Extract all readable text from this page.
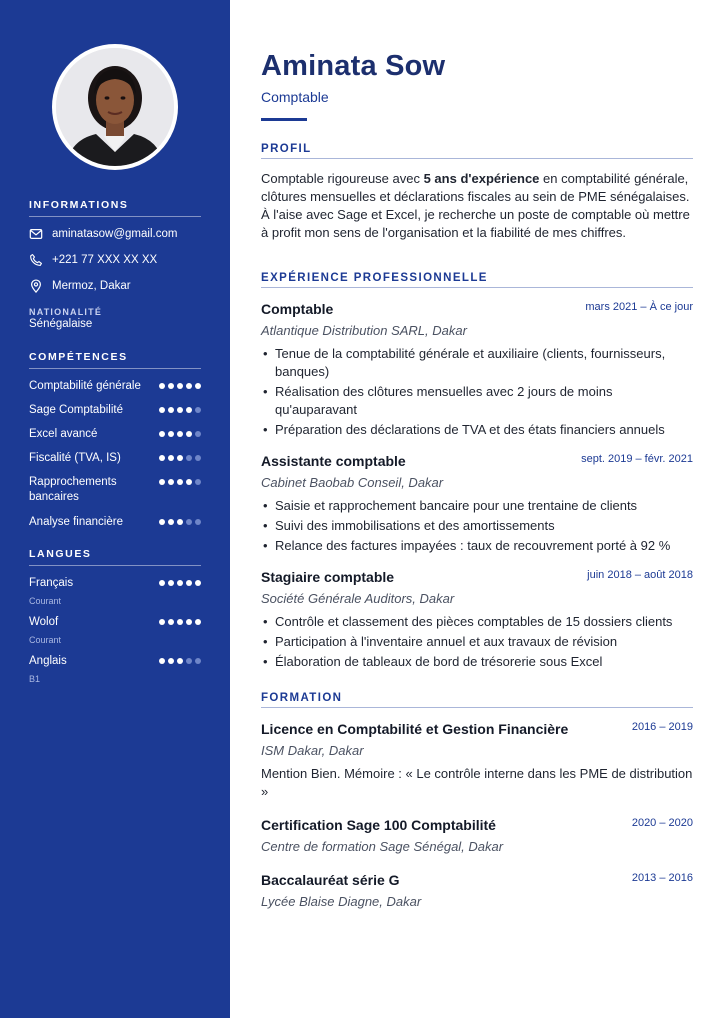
INFORMATIONS
aminatasow@gmail.com
+221 77 XXX XX XX
Mermoz, Dakar
NATIONALITÉ
Sénégalaise
COMPÉTENCES
Comptabilité générale
Sage Comptabilité
Excel avancé
Fiscalité (TVA, IS)
Rapprochements bancaires
Analyse financière
LANGUES
Français
Courant
Wolof
Courant
Anglais
B1
Aminata Sow
Comptable
PROFIL

Comptable rigoureuse avec 5 ans d'expérience en comptabilité générale, clôtures mensuelles et déclarations fiscales au sein de PME sénégalaises. À l'aise avec Sage et Excel, je recherche un poste de comptable où mettre à profit mon sens de l'organisation et la fiabilité de mes chiffres.

EXPÉRIENCE PROFESSIONNELLE
Comptable	mars 2021 – À ce jour
Atlantique Distribution SARL, Dakar
• Tenue de la comptabilité générale et auxiliaire (clients, fournisseurs, banques)
• Réalisation des clôtures mensuelles avec 2 jours de moins qu'auparavant
• Préparation des déclarations de TVA et des états financiers annuels
Assistante comptable	sept. 2019 – févr. 2021
Cabinet Baobab Conseil, Dakar
• Saisie et rapprochement bancaire pour une trentaine de clients
• Suivi des immobilisations et des amortissements
• Relance des factures impayées : taux de recouvrement porté à 92 %
Stagiaire comptable	juin 2018 – août 2018
Société Générale Auditors, Dakar
• Contrôle et classement des pièces comptables de 15 dossiers clients
• Participation à l'inventaire annuel et aux travaux de révision
• Élaboration de tableaux de bord de trésorerie sous Excel
FORMATION
Licence en Comptabilité et Gestion Financière	2016 – 2019
ISM Dakar, Dakar

Mention Bien. Mémoire : « Le contrôle interne dans les PME de distribution »

Certification Sage 100 Comptabilité	2020 – 2020
Centre de formation Sage Sénégal, Dakar
Baccalauréat série G	2013 – 2016
Lycée Blaise Diagne, Dakar
